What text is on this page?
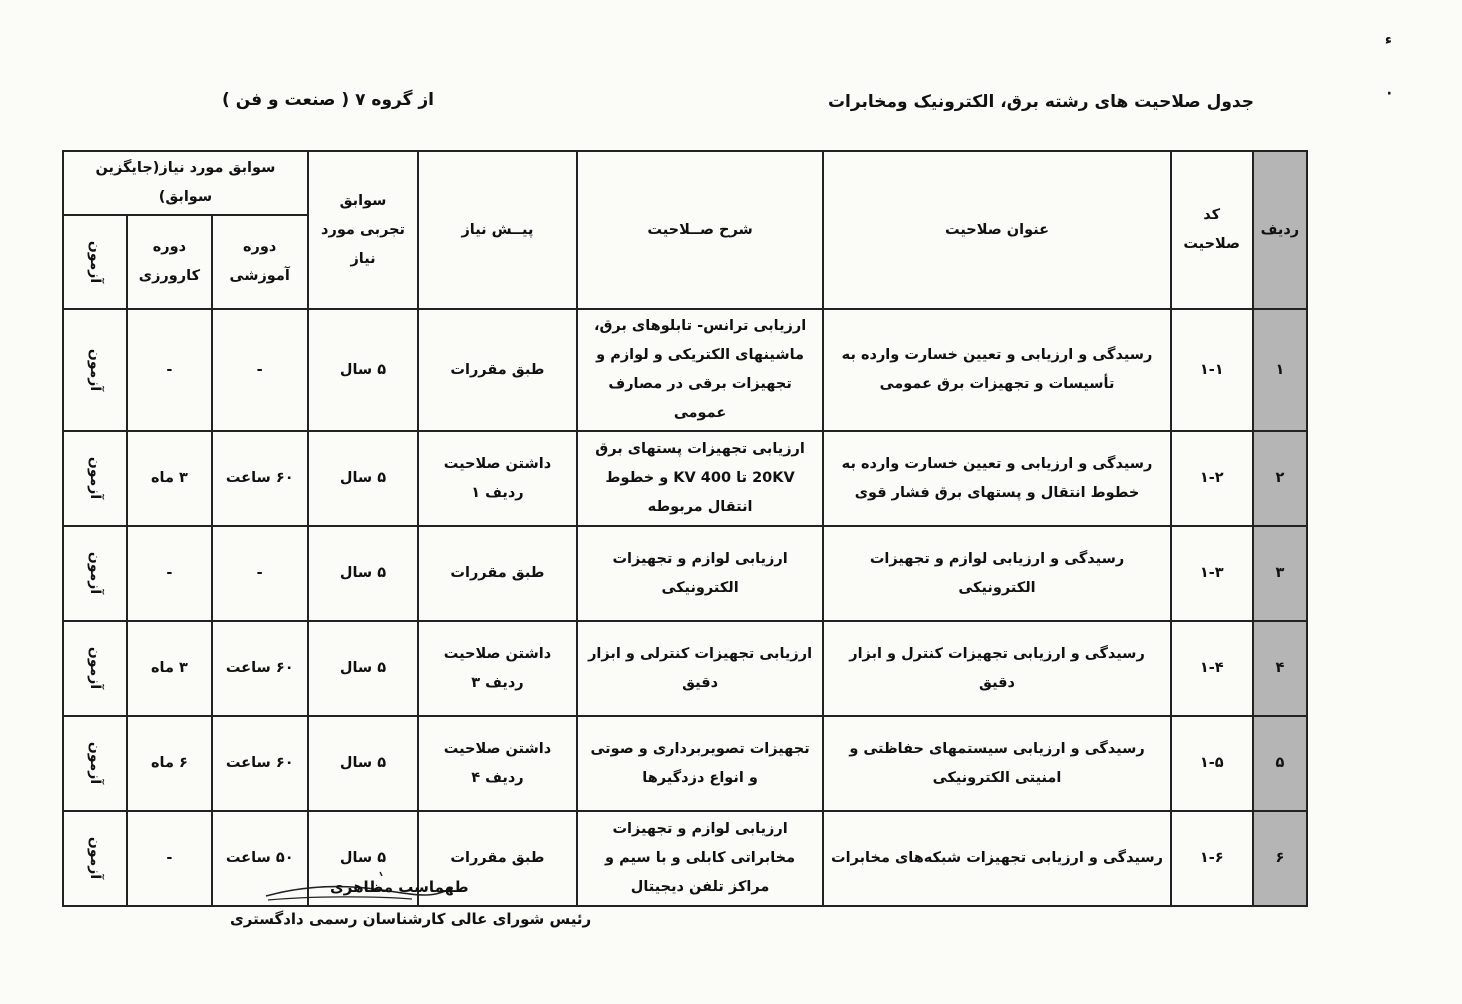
ء
·
جدول صلاحیت های رشته برق، الکترونیک ومخابرات
از گروه ۷ ( صنعت و فن )
ردیف	کد صلاحیت	عنوان صلاحیت	شرح صــلاحیت	پیــش نیاز	سوابق تجربی مورد نیاز	سوابق مورد نیاز(جایگزین سوابق)		
						دوره آموزشی	دوره کارورزی	آزمون
۱	۱-۱	رسیدگی و ارزیابی و تعیین خسارت وارده به تأسیسات و تجهیزات برق عمومی	ارزیابی ترانس- تابلوهای برق، ماشینهای الکتریکی و لوازم و تجهیزات برقی در مصارف عمومی	طبق مقررات	۵ سال	-	-	آزمون
۲	۱-۲	رسیدگی و ارزیابی و تعیین خسارت وارده به خطوط انتقال و پستهای برق فشار قوی	ارزیابی تجهیزات پستهای برق 20KV تا 400 KV و خطوط انتقال مربوطه	داشتن صلاحیت ردیف ۱	۵ سال	۶۰ ساعت	۳ ماه	آزمون
۳	۱-۳	رسیدگی و ارزیابی لوازم و تجهیزات الکترونیکی	ارزیابی لوازم و تجهیزات الکترونیکی	طبق مقررات	۵ سال	-	-	آزمون
۴	۱-۴	رسیدگی و ارزیابی تجهیزات کنترل و ابزار دقیق	ارزیابی تجهیزات کنترلی و ابزار دقیق	داشتن صلاحیت ردیف ۳	۵ سال	۶۰ ساعت	۳ ماه	آزمون
۵	۱-۵	رسیدگی و ارزیابی سیستمهای حفاظتی و امنیتی الکترونیکی	تجهیزات تصویربرداری و صوتی و انواع دزدگیرها	داشتن صلاحیت ردیف ۴	۵ سال	۶۰ ساعت	۶ ماه	آزمون
۶	۱-۶	رسیدگی و ارزیابی تجهیزات شبکه‌های مخابرات	ارزیابی لوازم و تجهیزات مخابراتی کابلی و با سیم و مراکز تلفن دیجیتال	طبق مقررات	۵ سال	۵۰ ساعت	-	آزمون
طهماسب مظاهری
رئیس شورای عالی کارشناسان رسمی دادگستری
